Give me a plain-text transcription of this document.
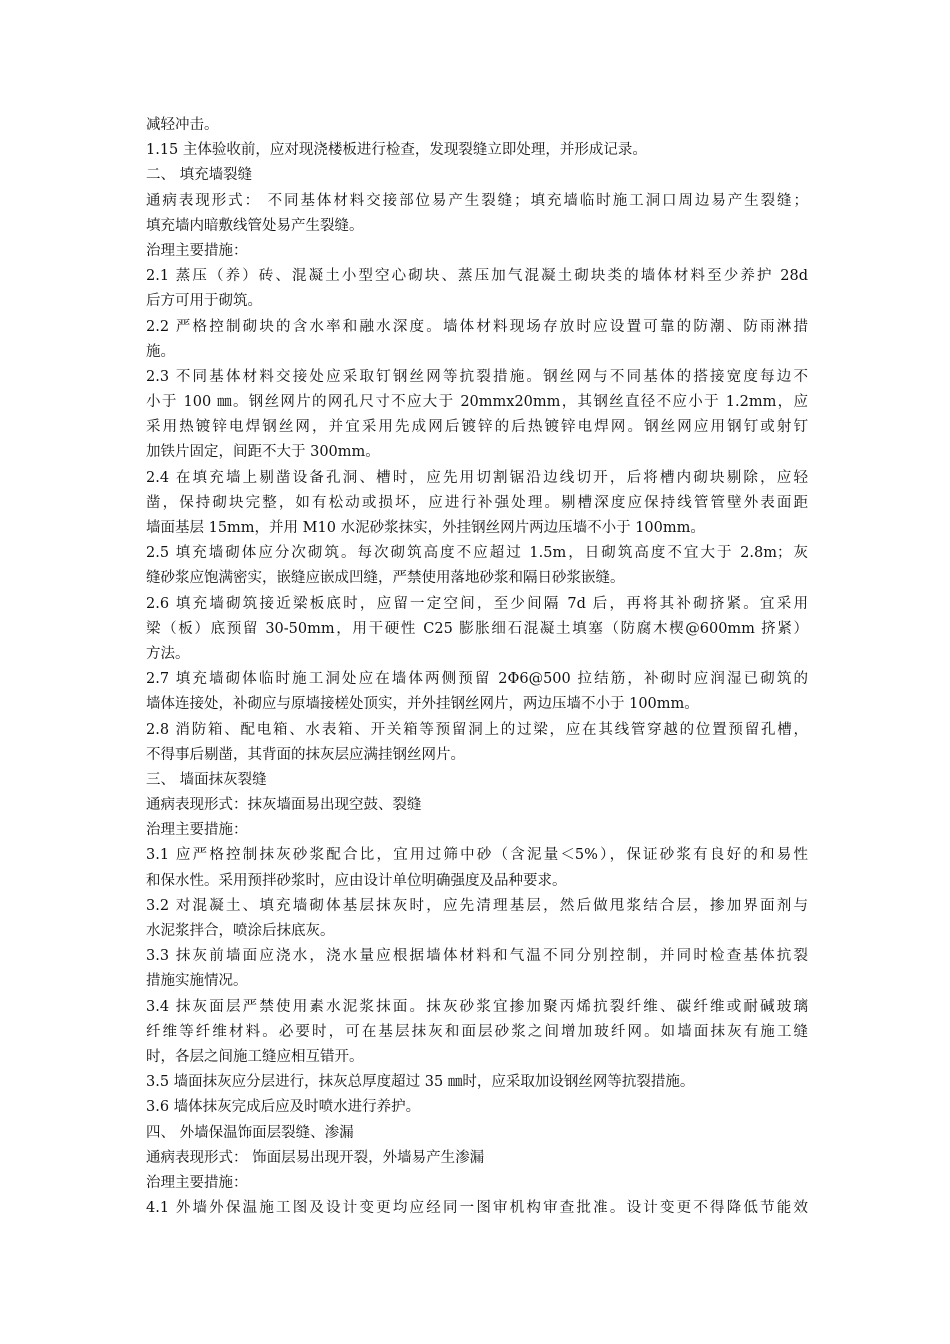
减轻冲击。
1.15 主体验收前，应对现浇楼板进行检查，发现裂缝立即处理，并形成记录。
二、 填充墙裂缝
通病表现形式： 不同基体材料交接部位易产生裂缝；填充墙临时施工洞口周边易产生裂缝；
填充墙内暗敷线管处易产生裂缝。
治理主要措施：
2.1 蒸压（养）砖、混凝土小型空心砌块、蒸压加气混凝土砌块类的墙体材料至少养护 28d
后方可用于砌筑。
2.2 严格控制砌块的含水率和融水深度。墙体材料现场存放时应设置可靠的防潮、防雨淋措
施。
2.3 不同基体材料交接处应采取钉钢丝网等抗裂措施。钢丝网与不同基体的搭接宽度每边不
小于 100 ㎜。钢丝网片的网孔尺寸不应大于 20mmx20mm，其钢丝直径不应小于 1.2mm，应
采用热镀锌电焊钢丝网，并宜采用先成网后镀锌的后热镀锌电焊网。钢丝网应用钢钉或射钉
加铁片固定，间距不大于 300mm。
2.4 在填充墙上剔凿设备孔洞、槽时，应先用切割锯沿边线切开，后将槽内砌块剔除，应轻
凿，保持砌块完整，如有松动或损坏，应进行补强处理。剔槽深度应保持线管管壁外表面距
墙面基层 15mm，并用 M10 水泥砂浆抹实，外挂钢丝网片两边压墙不小于 100mm。
2.5 填充墙砌体应分次砌筑。每次砌筑高度不应超过 1.5m，日砌筑高度不宜大于 2.8m；灰
缝砂浆应饱满密实，嵌缝应嵌成凹缝，严禁使用落地砂浆和隔日砂浆嵌缝。
2.6 填充墙砌筑接近梁板底时，应留一定空间，至少间隔 7d 后，再将其补砌挤紧。宜采用
梁（板）底预留 30-50mm，用干硬性 C25 膨胀细石混凝土填塞（防腐木楔@600mm 挤紧）
方法。
2.7 填充墙砌体临时施工洞处应在墙体两侧预留 2Φ6@500 拉结筋，补砌时应润湿已砌筑的
墙体连接处，补砌应与原墙接槎处顶实，并外挂钢丝网片，两边压墙不小于 100mm。
2.8 消防箱、配电箱、水表箱、开关箱等预留洞上的过梁，应在其线管穿越的位置预留孔槽，
不得事后剔凿，其背面的抹灰层应满挂钢丝网片。
三、 墙面抹灰裂缝
通病表现形式：抹灰墙面易出现空鼓、裂缝
治理主要措施：
3.1 应严格控制抹灰砂浆配合比，宜用过筛中砂（含泥量＜5%），保证砂浆有良好的和易性
和保水性。采用预拌砂浆时，应由设计单位明确强度及品种要求。
3.2 对混凝土、填充墙砌体基层抹灰时，应先清理基层，然后做甩浆结合层，掺加界面剂与
水泥浆拌合，喷涂后抹底灰。
3.3 抹灰前墙面应浇水，浇水量应根据墙体材料和气温不同分别控制，并同时检查基体抗裂
措施实施情况。
3.4 抹灰面层严禁使用素水泥浆抹面。抹灰砂浆宜掺加聚丙烯抗裂纤维、碳纤维或耐碱玻璃
纤维等纤维材料。必要时，可在基层抹灰和面层砂浆之间增加玻纤网。如墙面抹灰有施工缝
时，各层之间施工缝应相互错开。
3.5 墙面抹灰应分层进行，抹灰总厚度超过 35 ㎜时，应采取加设钢丝网等抗裂措施。
3.6 墙体抹灰完成后应及时喷水进行养护。
四、 外墙保温饰面层裂缝、渗漏
通病表现形式： 饰面层易出现开裂，外墙易产生渗漏
治理主要措施：
4.1 外墙外保温施工图及设计变更均应经同一图审机构审查批准。设计变更不得降低节能效
